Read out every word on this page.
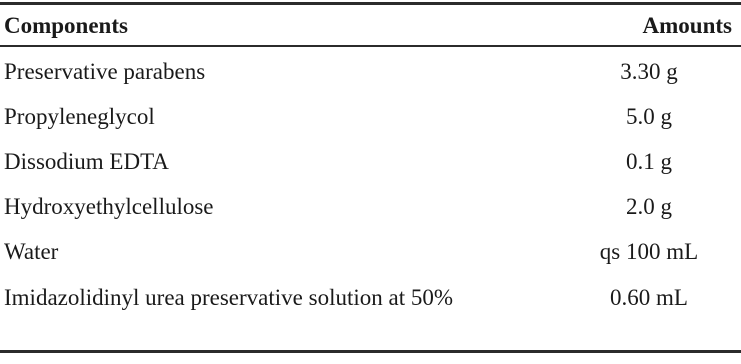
Components	Amounts
Preservative parabens	3.30 g
Propyleneglycol	5.0 g
Dissodium EDTA	0.1 g
Hydroxyethylcellulose	2.0 g
Water	qs 100 mL
Imidazolidinyl urea preservative solution at 50%	0.60 mL
